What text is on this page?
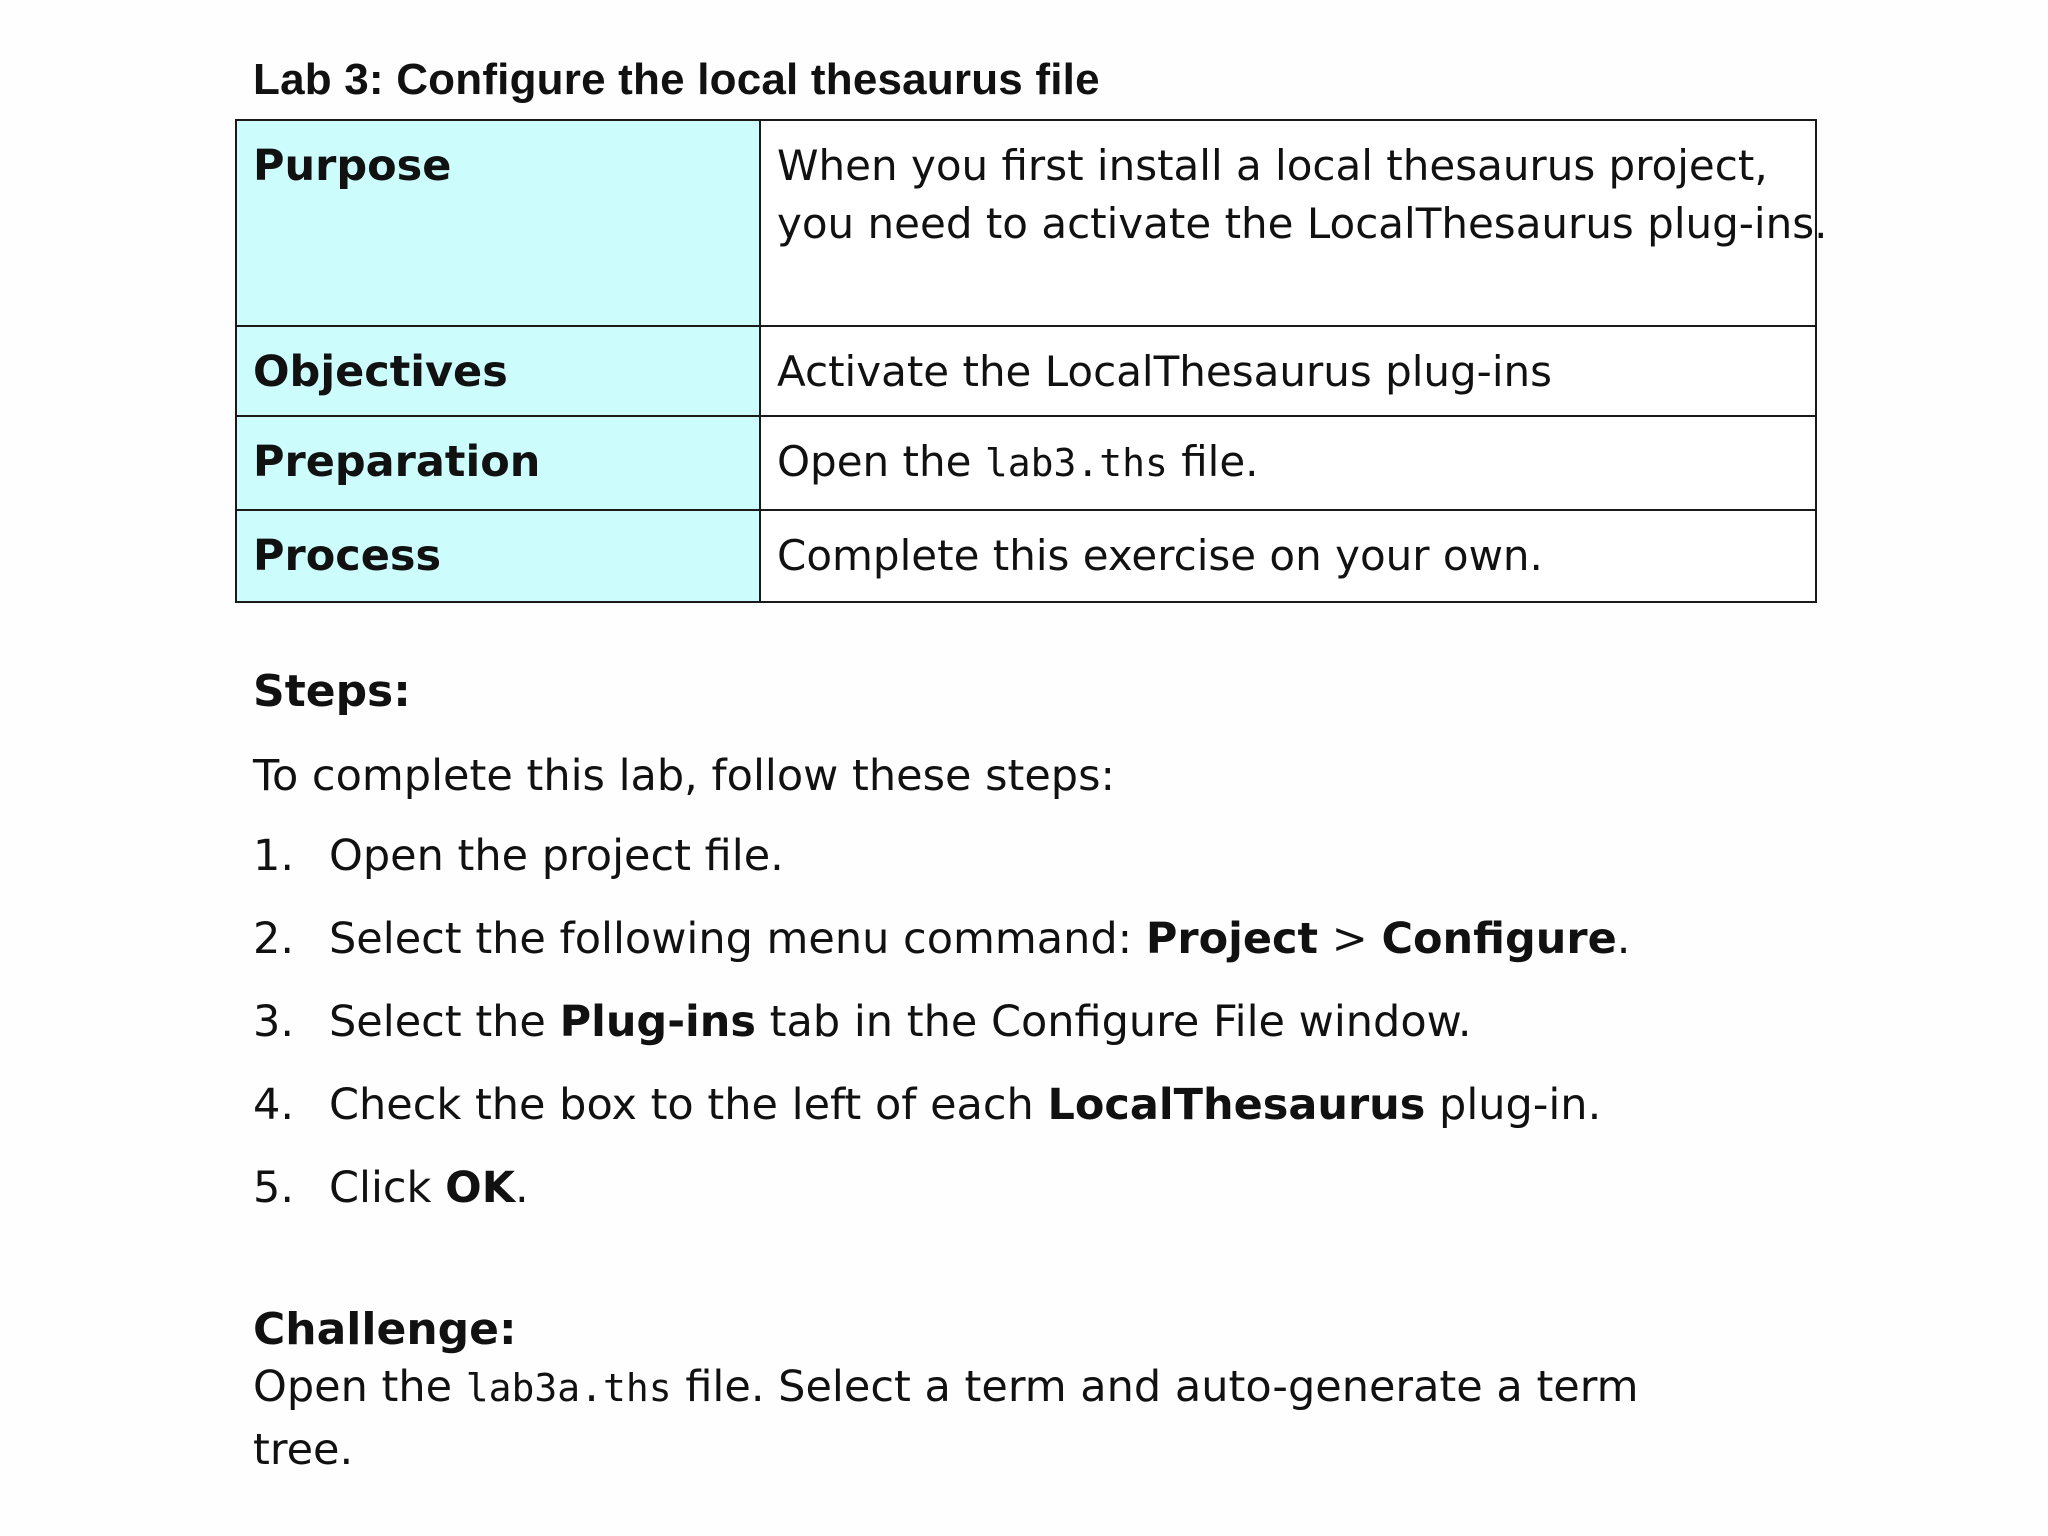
Lab 3: Configure the local thesaurus file
Purpose	When you first install a local thesaurus project, you need to activate the LocalThesaurus plug-ins.

Objectives	Activate the LocalThesaurus plug-ins

Preparation	Open the lab3.ths file.

Process	Complete this exercise on your own.
Steps:
To complete this lab, follow these steps:
1. Open the project file.
2. Select the following menu command: Project > Configure.
3. Select the Plug-ins tab in the Configure File window.
4. Check the box to the left of each LocalThesaurus plug-in.
5. Click OK.
Challenge:
Open the lab3a.ths file. Select a term and auto-generate a term tree.
